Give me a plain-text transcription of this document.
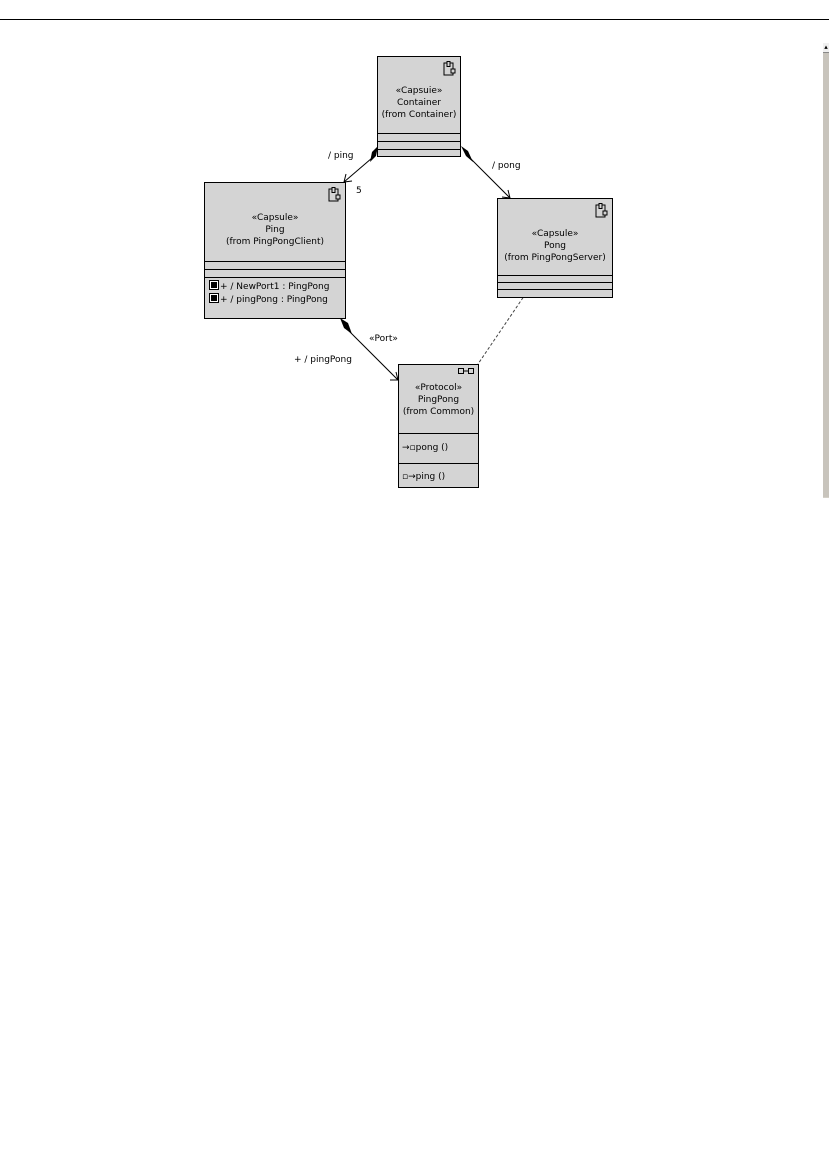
▴
/ ping
/ pong
5
«Port»
+ / pingPong
«Capsuie»
Container
(from Container)
«Capsule»
Ping
(from PingPongClient)
+ / NewPort1 : PingPong
+ / pingPong : PingPong
«Capsule»
Pong
(from PingPongServer)
«Protocol»
PingPong
(from Common)
→▫pong ()
▫→ping ()
